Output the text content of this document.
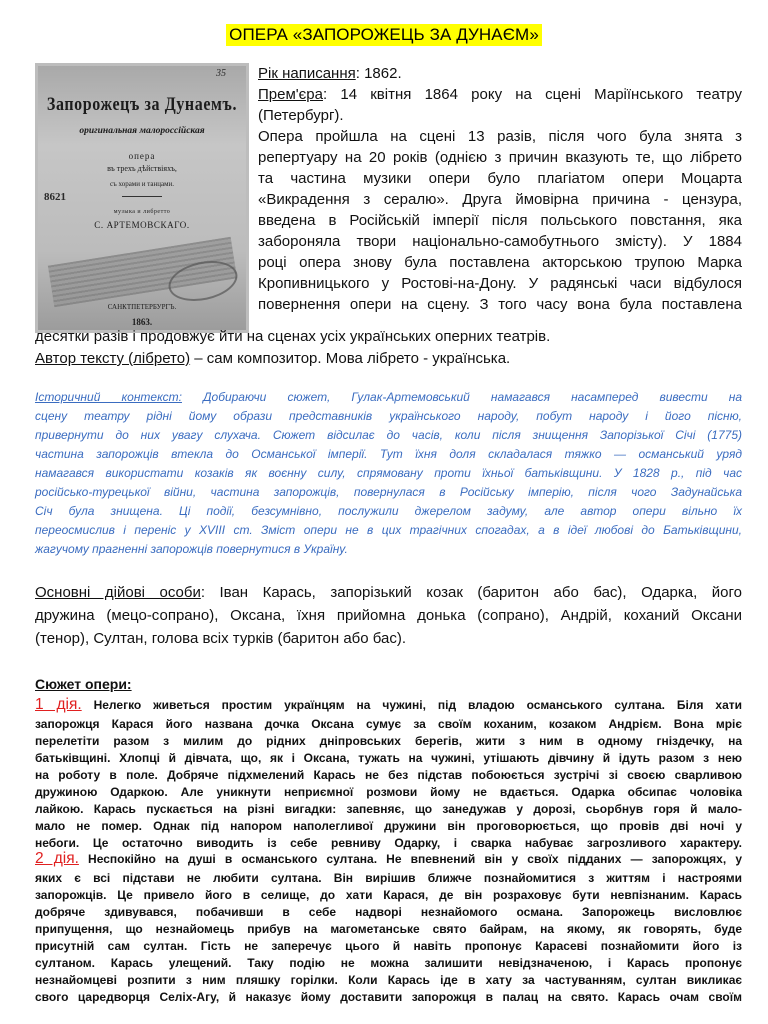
ОПЕРА «ЗАПОРОЖЕЦЬ ЗА ДУНАЄМ»
35
Запорожецъ за Дунаемъ.
оригинальная малороссійская
опера
въ трехъ дѣйствіяхъ,
съ хорами и танцами.
8621
музыка и либретто
С. АРТЕМОВСКАГО.
САНКТПЕТЕРБУРГЪ.
1863.

Рік написання: 1862.

Прем'єра: 14 квітня 1864 року на сцені Маріїнського театру (Петербург).

Опера пройшла на сцені 13 разів, після чого була знята з

репертуару на 20 років (однією з причин вказують те, що лібрето

та частина музики опери було плагіатом опери Моцарта

«Викрадення з сералю». Друга ймовірна причина - цензура,

введена в Російській імперії після польського повстання, яка

забороняла твори національно-самобутнього змісту). У 1884

році опера знову була поставлена акторською трупою Марка

Кропивницького у Ростові-на-Дону. У радянські часи відбулося

повернення опери на сцену. З того часу вона була поставлена

десятки разів і продовжує йти на сценах усіх українських оперних театрів.

Автор тексту (лібрето) – сам композитор. Мова лібрето - українська.

Історичний контекст: Добираючи сюжет, Гулак-Артемовський намагався насамперед вивести на

сцену театру рідні йому образи представників українського народу, побут народу і його пісню,

привернути до них увагу слухача. Сюжет відсилає до часів, коли після знищення Запорізької Січі (1775)

частина запорожців втекла до Османської імперії. Тут їхня доля складалася тяжко — османський уряд

намагався використати козаків як воєнну силу, спрямовану проти їхньої батьківщини. У 1828 р., під час

російсько-турецької війни, частина запорожців, повернулася в Російську імперію, після чого Задунайська

Січ була знищена. Ці події, безсумнівно, послужили джерелом задуму, але автор опери вільно їх

переосмислив і переніс у XVIII ст. Зміст опери не в цих трагічних спогадах, а в ідеї любові до Батьківщини,

жагучому прагненні запорожців повернутися в Україну.

Основні дійові особи: Іван Карась, запорізький козак (баритон або бас), Одарка, його

дружина (мецо-сопрано), Оксана, їхня прийомна донька (сопрано), Андрій, коханий Оксани

(тенор), Султан, голова всіх турків (баритон або бас).

Сюжет опери:

1 дія. Нелегко живеться простим українцям на чужині, під владою османського султана. Біля хати

запорожця Карася його названа дочка Оксана сумує за своїм коханим, козаком Андрієм. Вона мріє

перелетіти разом з милим до рідних дніпровських берегів, жити з ним в одному гніздечку, на

батьківщині. Хлопці й дівчата, що, як і Оксана, тужать на чужині, утішають дівчину й ідуть разом з нею

на роботу в поле. Добряче підхмелений Карась не без підстав побоюється зустрічі зі своєю сварливою

дружиною Одаркою. Але уникнути неприємної розмови йому не вдається. Одарка обсипає чоловіка

лайкою. Карась пускається на різні вигадки: запевняє, що занедужав у дорозі, сьорбнув горя й мало-

мало не помер. Однак під напором наполегливої дружини він проговорюється, що провів дві ночі у

небоги. Це остаточно виводить із себе ревниву Одарку, і сварка набуває загрозливого характеру.

2 дія. Неспокійно на душі в османського султана. Не впевнений він у своїх підданих — запорожцях, у

яких є всі підстави не любити султана. Він вирішив ближче познайомитися з життям і настроями

запорожців. Це привело його в селище, до хати Карася, де він розраховує бути невпізнаним. Карась

добряче здивувався, побачивши в себе надворі незнайомого османа. Запорожець висловлює

припущення, що незнайомець прибув на магометанське свято байрам, на якому, як говорять, буде

присутній сам султан. Гість не заперечує цього й навіть пропонує Карасеві познайомити його із

султаном. Карась улещений. Таку подію не можна залишити невідзначеною, і Карась пропонує

незнайомцеві розпити з ним пляшку горілки. Коли Карась іде в хату за частуванням, султан викликає

свого царедворця Селіх-Агу, й наказує йому доставити запорожця в палац на свято. Карась очам своїм
